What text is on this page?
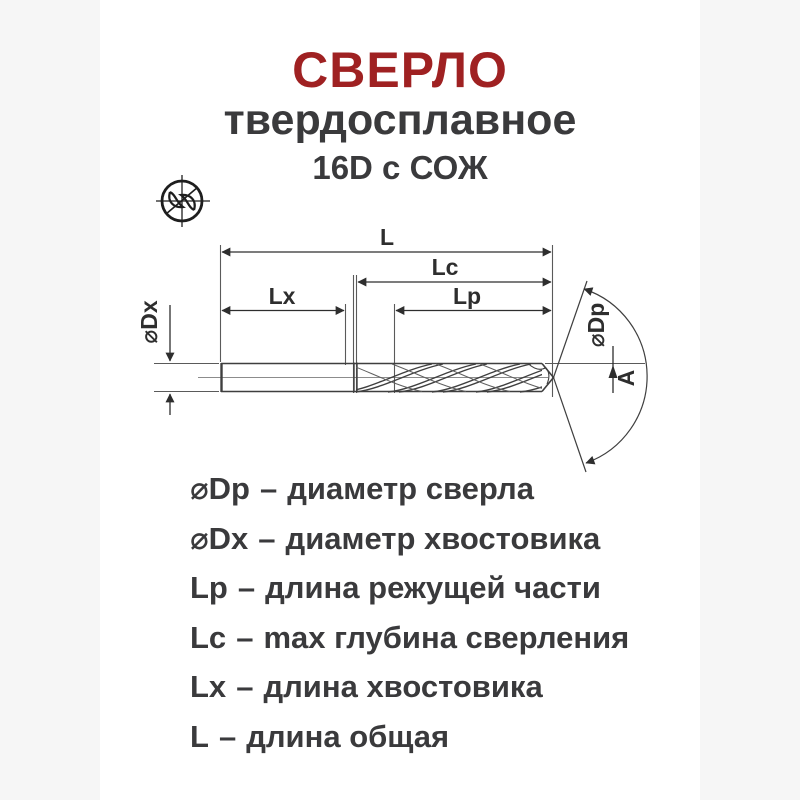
СВЕРЛО
твердосплавное
16D с СОЖ
L
Lc
Lx	Lp
⌀Dx	⌀Dp
A
⌀Dp – диаметр сверла
⌀Dx – диаметр хвостовика
Lp – длина режущей части
Lc – max глубина сверления
Lx – длина хвостовика
L – длина общая
